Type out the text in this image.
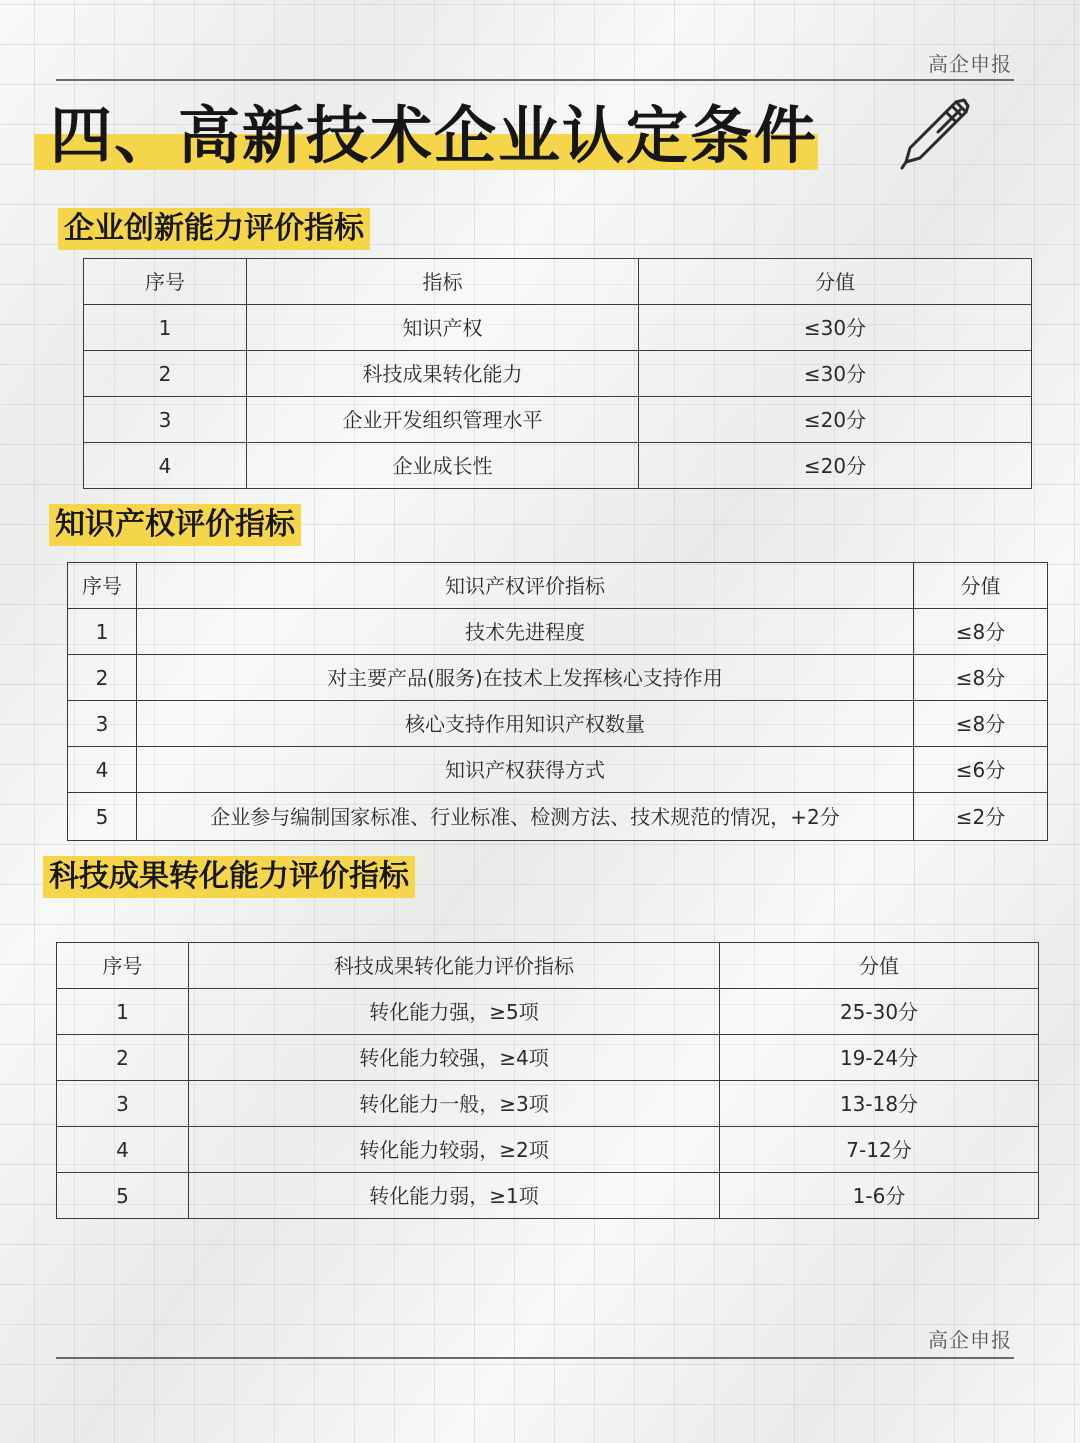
高企申报
四、高新技术企业认定条件
企业创新能力评价指标
序号	指标	分值
1	知识产权	≤30分
2	科技成果转化能力	≤30分
3	企业开发组织管理水平	≤20分
4	企业成长性	≤20分
知识产权评价指标
序号	知识产权评价指标	分值
1	技术先进程度	≤8分
2	对主要产品(服务)在技术上发挥核心支持作用	≤8分
3	核心支持作用知识产权数量	≤8分
4	知识产权获得方式	≤6分
5	企业参与编制国家标准、行业标准、检测方法、技术规范的情况，+2分	≤2分
科技成果转化能力评价指标
序号	科技成果转化能力评价指标	分值
1	转化能力强，≥5项	25-30分
2	转化能力较强，≥4项	19-24分
3	转化能力一般，≥3项	13-18分
4	转化能力较弱，≥2项	7-12分
5	转化能力弱，≥1项	1-6分
高企申报
